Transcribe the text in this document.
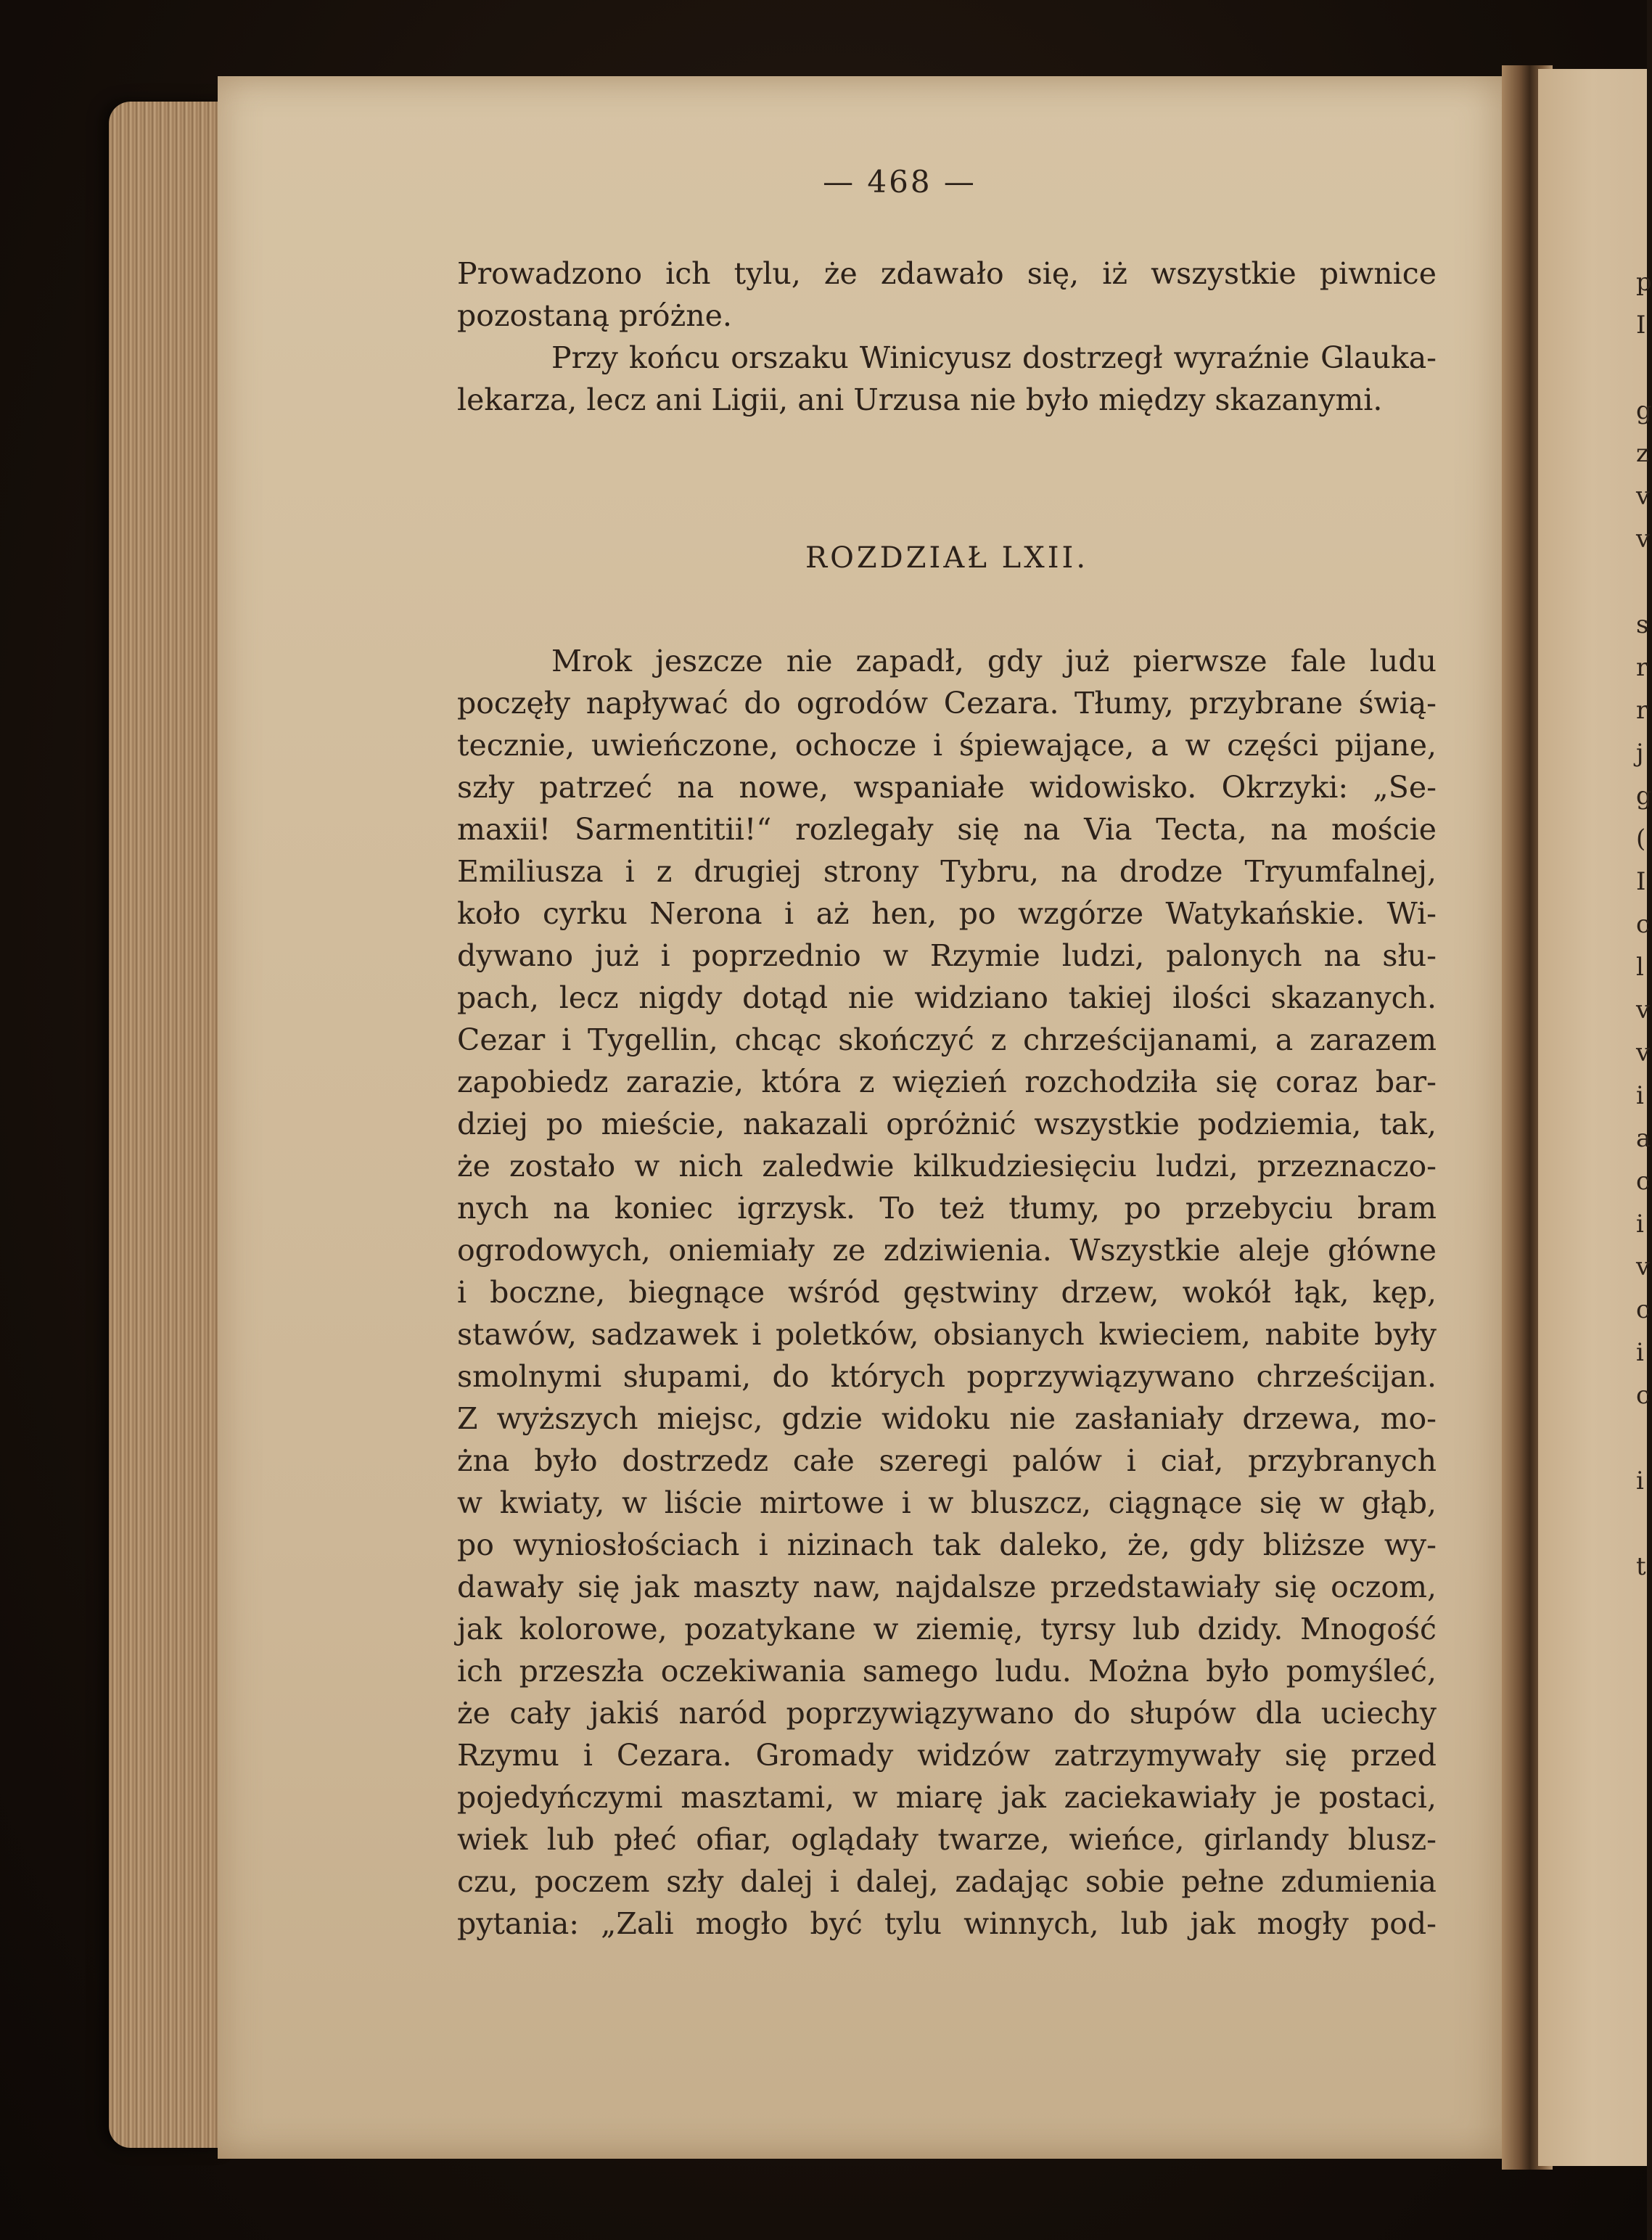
p
I

g
z
v
v

s
r
r
j
g
(
I
c
l
v
v
i
a
c
i
v
c
i
c

i

t
— 468 —
Prowadzono ich tylu, że zdawało się, iż wszystkie piwnice
pozostaną próżne.
Przy końcu orszaku Winicyusz dostrzegł wyraźnie Glauka-
lekarza, lecz ani Ligii, ani Urzusa nie było między skazanymi.
ROZDZIAŁ LXII.
Mrok jeszcze nie zapadł, gdy już pierwsze fale ludu
poczęły napływać do ogrodów Cezara. Tłumy, przybrane świą-
tecznie, uwieńczone, ochocze i śpiewające, a w części pijane,
szły patrzeć na nowe, wspaniałe widowisko. Okrzyki: „Se-
maxii! Sarmentitii!“ rozlegały się na Via Tecta, na moście
Emiliusza i z drugiej strony Tybru, na drodze Tryumfalnej,
koło cyrku Nerona i aż hen, po wzgórze Watykańskie. Wi-
dywano już i poprzednio w Rzymie ludzi, palonych na słu-
pach, lecz nigdy dotąd nie widziano takiej ilości skazanych.
Cezar i Tygellin, chcąc skończyć z chrześcijanami, a zarazem
zapobiedz zarazie, która z więzień rozchodziła się coraz bar-
dziej po mieście, nakazali opróżnić wszystkie podziemia, tak,
że zostało w nich zaledwie kilkudziesięciu ludzi, przeznaczo-
nych na koniec igrzysk. To też tłumy, po przebyciu bram
ogrodowych, oniemiały ze zdziwienia. Wszystkie aleje główne
i boczne, biegnące wśród gęstwiny drzew, wokół łąk, kęp,
stawów, sadzawek i poletków, obsianych kwieciem, nabite były
smolnymi słupami, do których poprzywiązywano chrześcijan.
Z wyższych miejsc, gdzie widoku nie zasłaniały drzewa, mo-
żna było dostrzedz całe szeregi palów i ciał, przybranych
w kwiaty, w liście mirtowe i w bluszcz, ciągnące się w głąb,
po wyniosłościach i nizinach tak daleko, że, gdy bliższe wy-
dawały się jak maszty naw, najdalsze przedstawiały się oczom,
jak kolorowe, pozatykane w ziemię, tyrsy lub dzidy. Mnogość
ich przeszła oczekiwania samego ludu. Można było pomyśleć,
że cały jakiś naród poprzywiązywano do słupów dla uciechy
Rzymu i Cezara. Gromady widzów zatrzymywały się przed
pojedyńczymi masztami, w miarę jak zaciekawiały je postaci,
wiek lub płeć ofiar, oglądały twarze, wieńce, girlandy blusz-
czu, poczem szły dalej i dalej, zadając sobie pełne zdumienia
pytania: „Zali mogło być tylu winnych, lub jak mogły pod-
